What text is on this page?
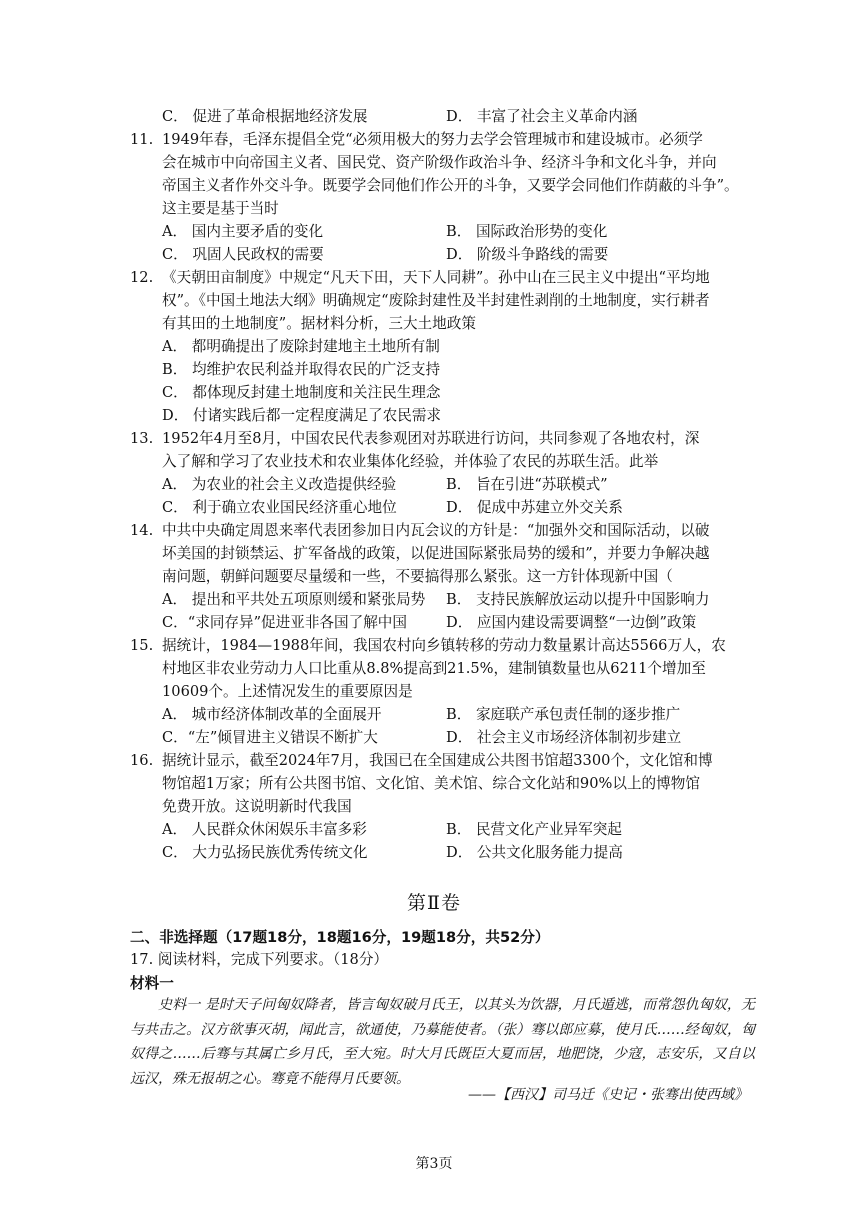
C． 促进了革命根据地经济发展	D． 丰富了社会主义革命内涵
11. 1949年春，毛泽东提倡全党“必须用极大的努力去学会管理城市和建设城市。必须学
会在城市中向帝国主义者、国民党、资产阶级作政治斗争、经济斗争和文化斗争，并向
帝国主义者作外交斗争。既要学会同他们作公开的斗争，又要学会同他们作荫蔽的斗争”。
这主要是基于当时
A． 国内主要矛盾的变化	B． 国际政治形势的变化
C． 巩固人民政权的需要	D． 阶级斗争路线的需要
12. 《天朝田亩制度》中规定“凡天下田，天下人同耕”。孙中山在三民主义中提出“平均地
权”。《中国土地法大纲》明确规定“废除封建性及半封建性剥削的土地制度，实行耕者
有其田的土地制度”。据材料分析，三大土地政策
A． 都明确提出了废除封建地主土地所有制
B． 均维护农民利益并取得农民的广泛支持
C． 都体现反封建土地制度和关注民生理念
D． 付诸实践后都一定程度满足了农民需求
13. 1952年4月至8月，中国农民代表参观团对苏联进行访问，共同参观了各地农村，深
入了解和学习了农业技术和农业集体化经验，并体验了农民的苏联生活。此举
A． 为农业的社会主义改造提供经验	B． 旨在引进“苏联模式”
C． 利于确立农业国民经济重心地位	D． 促成中苏建立外交关系
14. 中共中央确定周恩来率代表团参加日内瓦会议的方针是：“加强外交和国际活动，以破
坏美国的封锁禁运、扩军备战的政策，以促进国际紧张局势的缓和”，并要力争解决越
南问题，朝鲜问题要尽量缓和一些，不要搞得那么紧张。这一方针体现新中国（
A． 提出和平共处五项原则缓和紧张局势 B． 支持民族解放运动以提升中国影响力
C．“求同存异”促进亚非各国了解中国	D． 应国内建设需要调整“一边倒”政策
15. 据统计，1984—1988年间，我国农村向乡镇转移的劳动力数量累计高达5566万人，农
村地区非农业劳动力人口比重从8.8%提高到21.5%，建制镇数量也从6211个增加至
10609个。上述情况发生的重要原因是
A． 城市经济体制改革的全面展开	B． 家庭联产承包责任制的逐步推广
C．“左”倾冒进主义错误不断扩大	D． 社会主义市场经济体制初步建立
16. 据统计显示，截至2024年7月，我国已在全国建成公共图书馆超3300个，文化馆和博
物馆超1万家；所有公共图书馆、文化馆、美术馆、综合文化站和90%以上的博物馆
免费开放。这说明新时代我国
A． 人民群众休闲娱乐丰富多彩	B． 民营文化产业异军突起
C． 大力弘扬民族优秀传统文化	D． 公共文化服务能力提高
第Ⅱ卷
二、非选择题（17题18分，18题16分，19题18分，共52分）
17. 阅读材料，完成下列要求。（18分）
材料一
史料一 是时天子问匈奴降者，皆言匈奴破月氏王，以其头为饮器，月氏遁逃，而常怨仇匈奴，无与共击之。汉方欲事灭胡，闻此言，欲通使，乃募能使者。（张）骞以郎应募，使月氏……经匈奴，匈奴得之……后骞与其属亡乡月氏，至大宛。时大月氏既臣大夏而居，地肥饶，少寇，志安乐，又自以远汉，殊无报胡之心。骞竟不能得月氏要领。
——【西汉】司马迁《史记・张骞出使西域》
第3页
